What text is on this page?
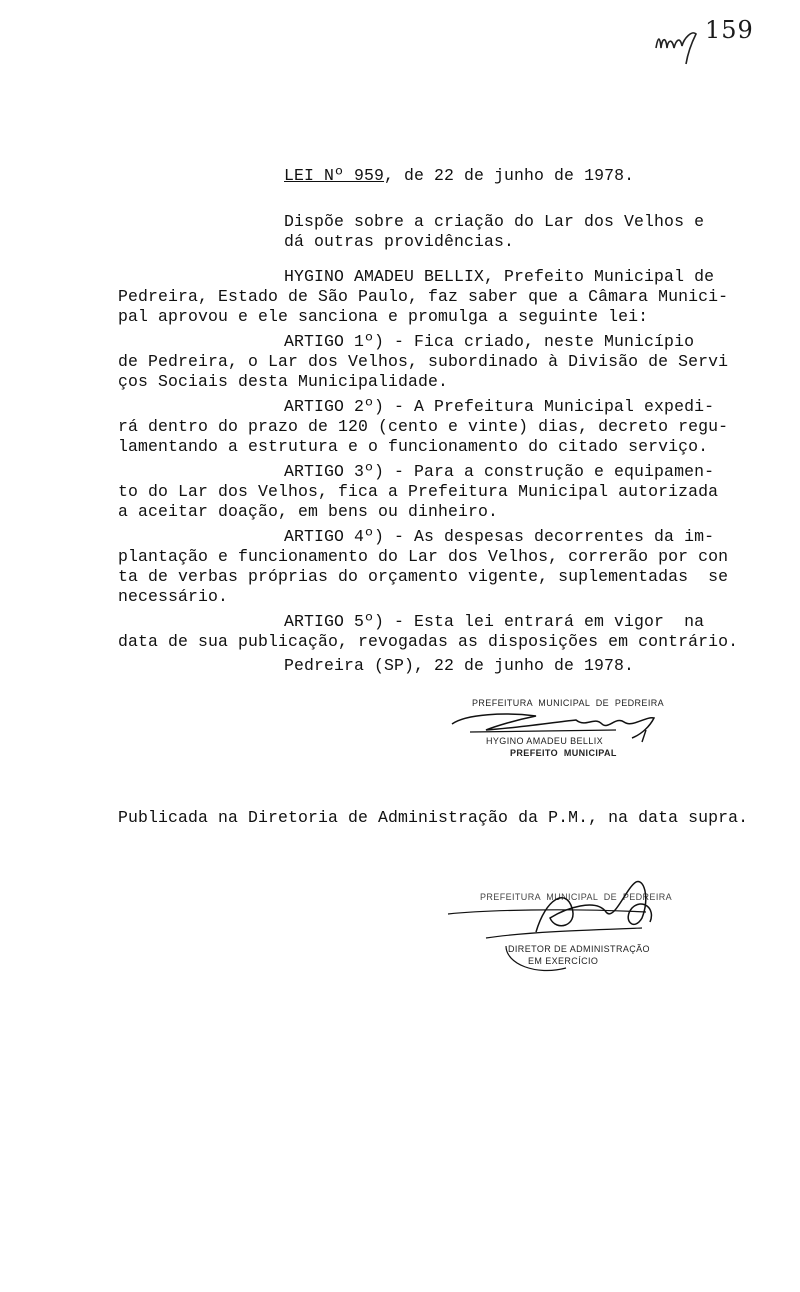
159
LEI Nº 959, de 22 de junho de 1978.
Dispõe sobre a criação do Lar dos Velhos e
dá outras providências.
HYGINO AMADEU BELLIX, Prefeito Municipal de
Pedreira, Estado de São Paulo, faz saber que a Câmara Munici-
pal aprovou e ele sanciona e promulga a seguinte lei:
ARTIGO 1º) - Fica criado, neste Município
de Pedreira, o Lar dos Velhos, subordinado à Divisão de Servi
ços Sociais desta Municipalidade.
ARTIGO 2º) - A Prefeitura Municipal expedi-
rá dentro do prazo de 120 (cento e vinte) dias, decreto regu-
lamentando a estrutura e o funcionamento do citado serviço.
ARTIGO 3º) - Para a construção e equipamen-
to do Lar dos Velhos, fica a Prefeitura Municipal autorizada
a aceitar doação, em bens ou dinheiro.
ARTIGO 4º) - As despesas decorrentes da im-
plantação e funcionamento do Lar dos Velhos, correrão por con
ta de verbas próprias do orçamento vigente, suplementadas  se
necessário.
ARTIGO 5º) - Esta lei entrará em vigor  na
data de sua publicação, revogadas as disposições em contrário.
Pedreira (SP), 22 de junho de 1978.
PREFEITURA  MUNICIPAL  DE  PEDREIRA
HYGINO AMADEU BELLIX
PREFEITO  MUNICIPAL
Publicada na Diretoria de Administração da P.M., na data supra.
PREFEITURA  MUNICIPAL  DE  PEDREIRA
DIRETOR DE ADMINISTRAÇÃO
EM EXERCÍCIO
